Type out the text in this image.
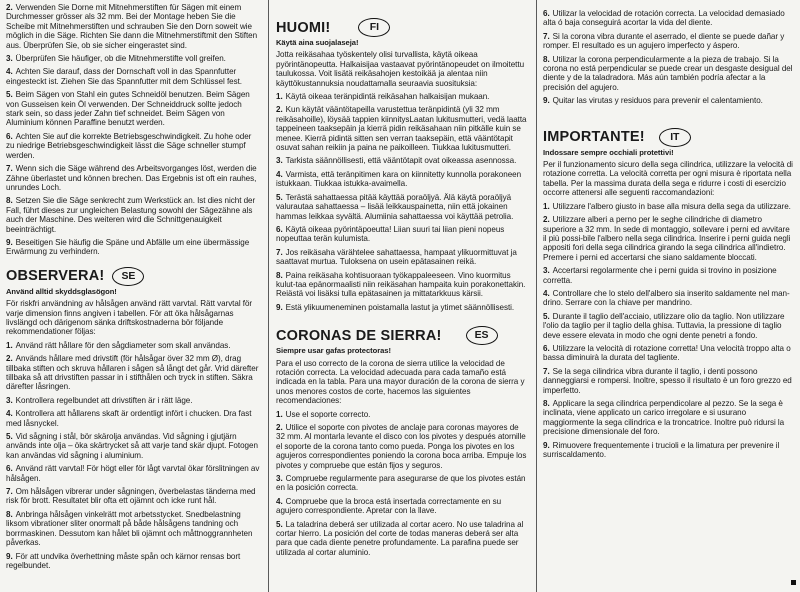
2. Verwenden Sie Dorne mit Mitnehmerstiften für Sägen mit einem Durchmesser grösser als 32 mm. Bei der Montage heben Sie die Scheibe mit Mitnehmerstiften und schrauben Sie den Dorn soweit wie möglich in die Säge. Richten Sie dann die Mitnehmerstiftmit den Stiften aus. Überprüfen Sie, ob sie sicher eingerastet sind.

3. Überprüfen Sie häufiger, ob die Mitnehmerstifte voll greifen.

4. Achten Sie darauf, dass der Dornschaft voll in das Spannfutter eingesteckt ist. Ziehen Sie das Spannfutter mit dem Schlüssel fest.

5. Beim Sägen von Stahl ein gutes Schneidöl benutzen. Beim Sägen von Gusseisen kein Öl verwenden. Der Schneiddruck sollte jedoch stark sein, so dass jeder Zahn tief schneidet. Beim Sägen von Aluminium können Paraffine benutzt werden.

6. Achten Sie auf die korrekte Betriebsgeschwindigkeit. Zu hohe oder zu niedrige Betriebsgeschwindigkeit lässt die Säge schneller stumpf werden.

7. Wenn sich die Säge während des Arbeitsvorganges löst, werden die Zähne überlastet und können brechen. Das Ergebnis ist oft ein rauhes, unrundes Loch.

8. Setzen Sie die Säge senkrecht zum Werkstück an. Ist dies nicht der Fall, führt dieses zur ungleichen Belastung sowohl der Sägezähne als auch der Maschine. Des weiteren wird die Schnittgenauigkeit beeinträchtigt.

9. Beseitigen Sie häufig die Späne und Abfälle um eine übermässige Erwärmung zu verhindern.

OBSERVERA!	SE

Använd alltid skyddsglasögon!

För riskfri användning av hålsågen använd rätt varvtal. Rätt varvtal för varje dimension finns angiven i tabellen. För att öka hålsågarnas livslängd och därigenom sänka driftskostnaderna bör följande rekommendationer följas:

1. Använd rätt hållare för den sågdiameter som skall användas.

2. Används hållare med drivstift (för hålsågar över 32 mm Ø), drag tillbaka stiften och skruva hållaren i sågen så långt det går. Vrid därefter tillbaka så att drivstiften passar in i stifthålen och tryck in stiften. Säkra därefter låsringen.

3. Kontrollera regelbundet att drivstiften är i rätt läge.

4. Kontrollera att hållarens skaft är ordentligt infört i chucken. Dra fast med låsnyckel.

5. Vid sågning i stål, bör skärolja användas. Vid sågning i gjutjärn används inte olja – öka skärtrycket så att varje tand skär djupt. Fotogen kan användas vid sågning i aluminium.

6. Använd rätt varvtal! För högt eller för lågt varvtal ökar förslitningen av hålsågen.

7. Om hålsågen vibrerar under sågningen, överbelastas tänderna med risk för brott. Resultatet blir ofta ett ojämnt och icke runt hål.

8. Anbringa hålsågen vinkelrätt mot arbetsstycket. Snedbelastning liksom vibrationer sliter onormalt på både hålsågens tandning och borrmaskinen. Dessutom kan hålet bli ojämnt och måttnoggrannheten påverkas.

9. För att undvika överhettning måste spån och kärnor rensas bort regelbundet.

HUOMI!	FI

Käytä aina suojalaseja!

Jotta reikäsahaa työskentely olisi turvallista, käytä oikeaa pyörintänopeutta. Halkaisijaa vastaavat pyörintänopeudet on ilmoitettu taulukossa. Voit lisätä reikäsahojen kestoikää ja alentaa niin käyttökustannuksia noudattamalla seuraavia suosituksia:

1. Käytä oikeaa teränpidintä reikäsahan halkaisijan mukaan.

2. Kun käytät vääntötapeilla varustettua teränpidintä (yli 32 mm reikäsahoille), löysää tappien kiinnitysLaatan lukitusmutteri, vedä laatta tappeineen taaksepäin ja kierrä pidin reikäsahaan niin pitkälle kuin se menee. Kierrä pidintä sitten sen verran taaksepäin, että vääntötapit osuvat sahan reikiin ja paina ne paikoilleen. Tiukkaa lukitusmutteri.

3. Tarkista säännöllisesti, että vääntötapit ovat oikeassa asennossa.

4. Varmista, että teränpitimen kara on kiinnitetty kunnolla porakoneen istukkaan. Tiukkaa istukka-avaimella.

5. Terästä sahattaessa pitää käyttää poraöljyä. Älä käytä poraöljyä valurautaa sahattaessa – lisää leikkauspainetta, niin että jokainen hammas leikkaa syvältä. Alumiinia sahattaessa voi käyttää petrolia.

6. Käytä oikeaa pyörintäpoeutta! Liian suuri tai liian pieni nopeus nopeuttaa terän kulumista.

7. Jos reikäsaha värähtelee sahattaessa, hampaat ylikuormittuvat ja saattavat murtua. Tuloksena on usein epätasainen reikä.

8. Paina reikäsaha kohtisuoraan työkappaleeseen. Vino kuormitus kulut-taa epänormaalisti niin reikäsahan hampaita kuin porakonettakin. Reiästä voi lisäksi tulla epätasainen ja mittatarkkuus kärsii.

9. Estä ylikuumeneminen poistamalla lastut ja ytimet säännöllisesti.

CORONAS DE SIERRA!	ES

Siempre usar gafas protectoras!

Para el uso correcto de la corona de sierra utilice la velocidad de rotación correcta. La velocidad adecuada para cada tamaño está indicada en la tabla. Para una mayor duración de la corona de sierra y unos menores costos de corte, hacemos las siguientes recomendaciones:

1. Use el soporte correcto.

2. Utilice el soporte con pivotes de anclaje para coronas mayores de 32 mm. Al montarla levante el disco con los pivotes y después atornille el soporte de la corona tanto como pueda. Ponga los pivotes en los agujeros correspondientes poniendo la corona boca arriba. Empuje los pivotes y compruebe que están fijos y seguros.

3. Compruebe regularmente para asegurarse de que los pivotes están en la posición correcta.

4. Compruebe que la broca está insertada correctamente en su agujero correspondiente. Apretar con la llave.

5. La taladrina deberá ser utilizada al cortar acero. No use taladrina al cortar hierro. La posición del corte de todas maneras deberá ser alta para que cada diente penetre profundamente. La parafina puede ser utilizada al cortar aluminio.

6. Utilizar la velocidad de rotación correcta. La velocidad demasiado alta ó baja conseguirá acortar la vida del diente.

7. Si la corona vibra durante el aserrado, el diente se puede dañar y romper. El resultado es un agujero imperfecto y áspero.

8. Utilizar la corona perpendicularmente a la pieza de trabajo. Si la corona no está perpendicular se puede crear un desgaste desigual del diente y de la taladradora. Más aún también podría afectar a la precisión del agujero.

9. Quitar las virutas y residuos para prevenir el calentamiento.

IMPORTANTE!	IT

Indossare sempre occhiali protettivi!

Per il funzionamento sicuro della sega cilindrica, utilizzare la velocità di rotazione corretta. La velocità corretta per ogni misura è riportata nella tabella. Per la massima durata della sega e ridurre i costi di esercizio occorre attenersi alle seguenti raccomandazioni:

1. Utilizzare l'albero giusto in base alla misura della sega da utilizzare.

2. Utilizzare alberi a perno per le seghe cilindriche di diametro superiore a 32 mm. In sede di montaggio, sollevare i perni ed avvitare il più possi-bile l'albero nella sega cilindrica. Inserire i perni guida negli appositi fori della sega cilindrica girando la sega cilindrica all'indietro. Premere i perni ed accertarsi che siano saldamente bloccati.

3. Accertarsi regolarmente che i perni guida si trovino in posizione corretta.

4. Controllare che lo stelo dell'albero sia inserito saldamente nel man-drino. Serrare con la chiave per mandrino.

5. Durante il taglio dell'acciaio, utilizzare olio da taglio. Non utilizzare l'olio da taglio per il taglio della ghisa. Tuttavia, la pressione di taglio deve essere elevata in modo che ogni dente penetri a fondo.

6. Utilizzare la velocità di rotazione corretta! Una velocità troppo alta o bassa diminuirà la durata del tagliente.

7. Se la sega cilindrica vibra durante il taglio, i denti possono danneggiarsi e rompersi. Inoltre, spesso il risultato è un foro grezzo ed imperfetto.

8. Applicare la sega cilindrica perpendicolare al pezzo. Se la sega è inclinata, viene applicato un carico irregolare e si usurano maggiormente la sega cilindrica e la troncatrice. Inoltre può ridursi la precisione dimensionale del foro.

9. Rimuovere frequentemente i trucioli e la limatura per prevenire il surriscaldamento.
